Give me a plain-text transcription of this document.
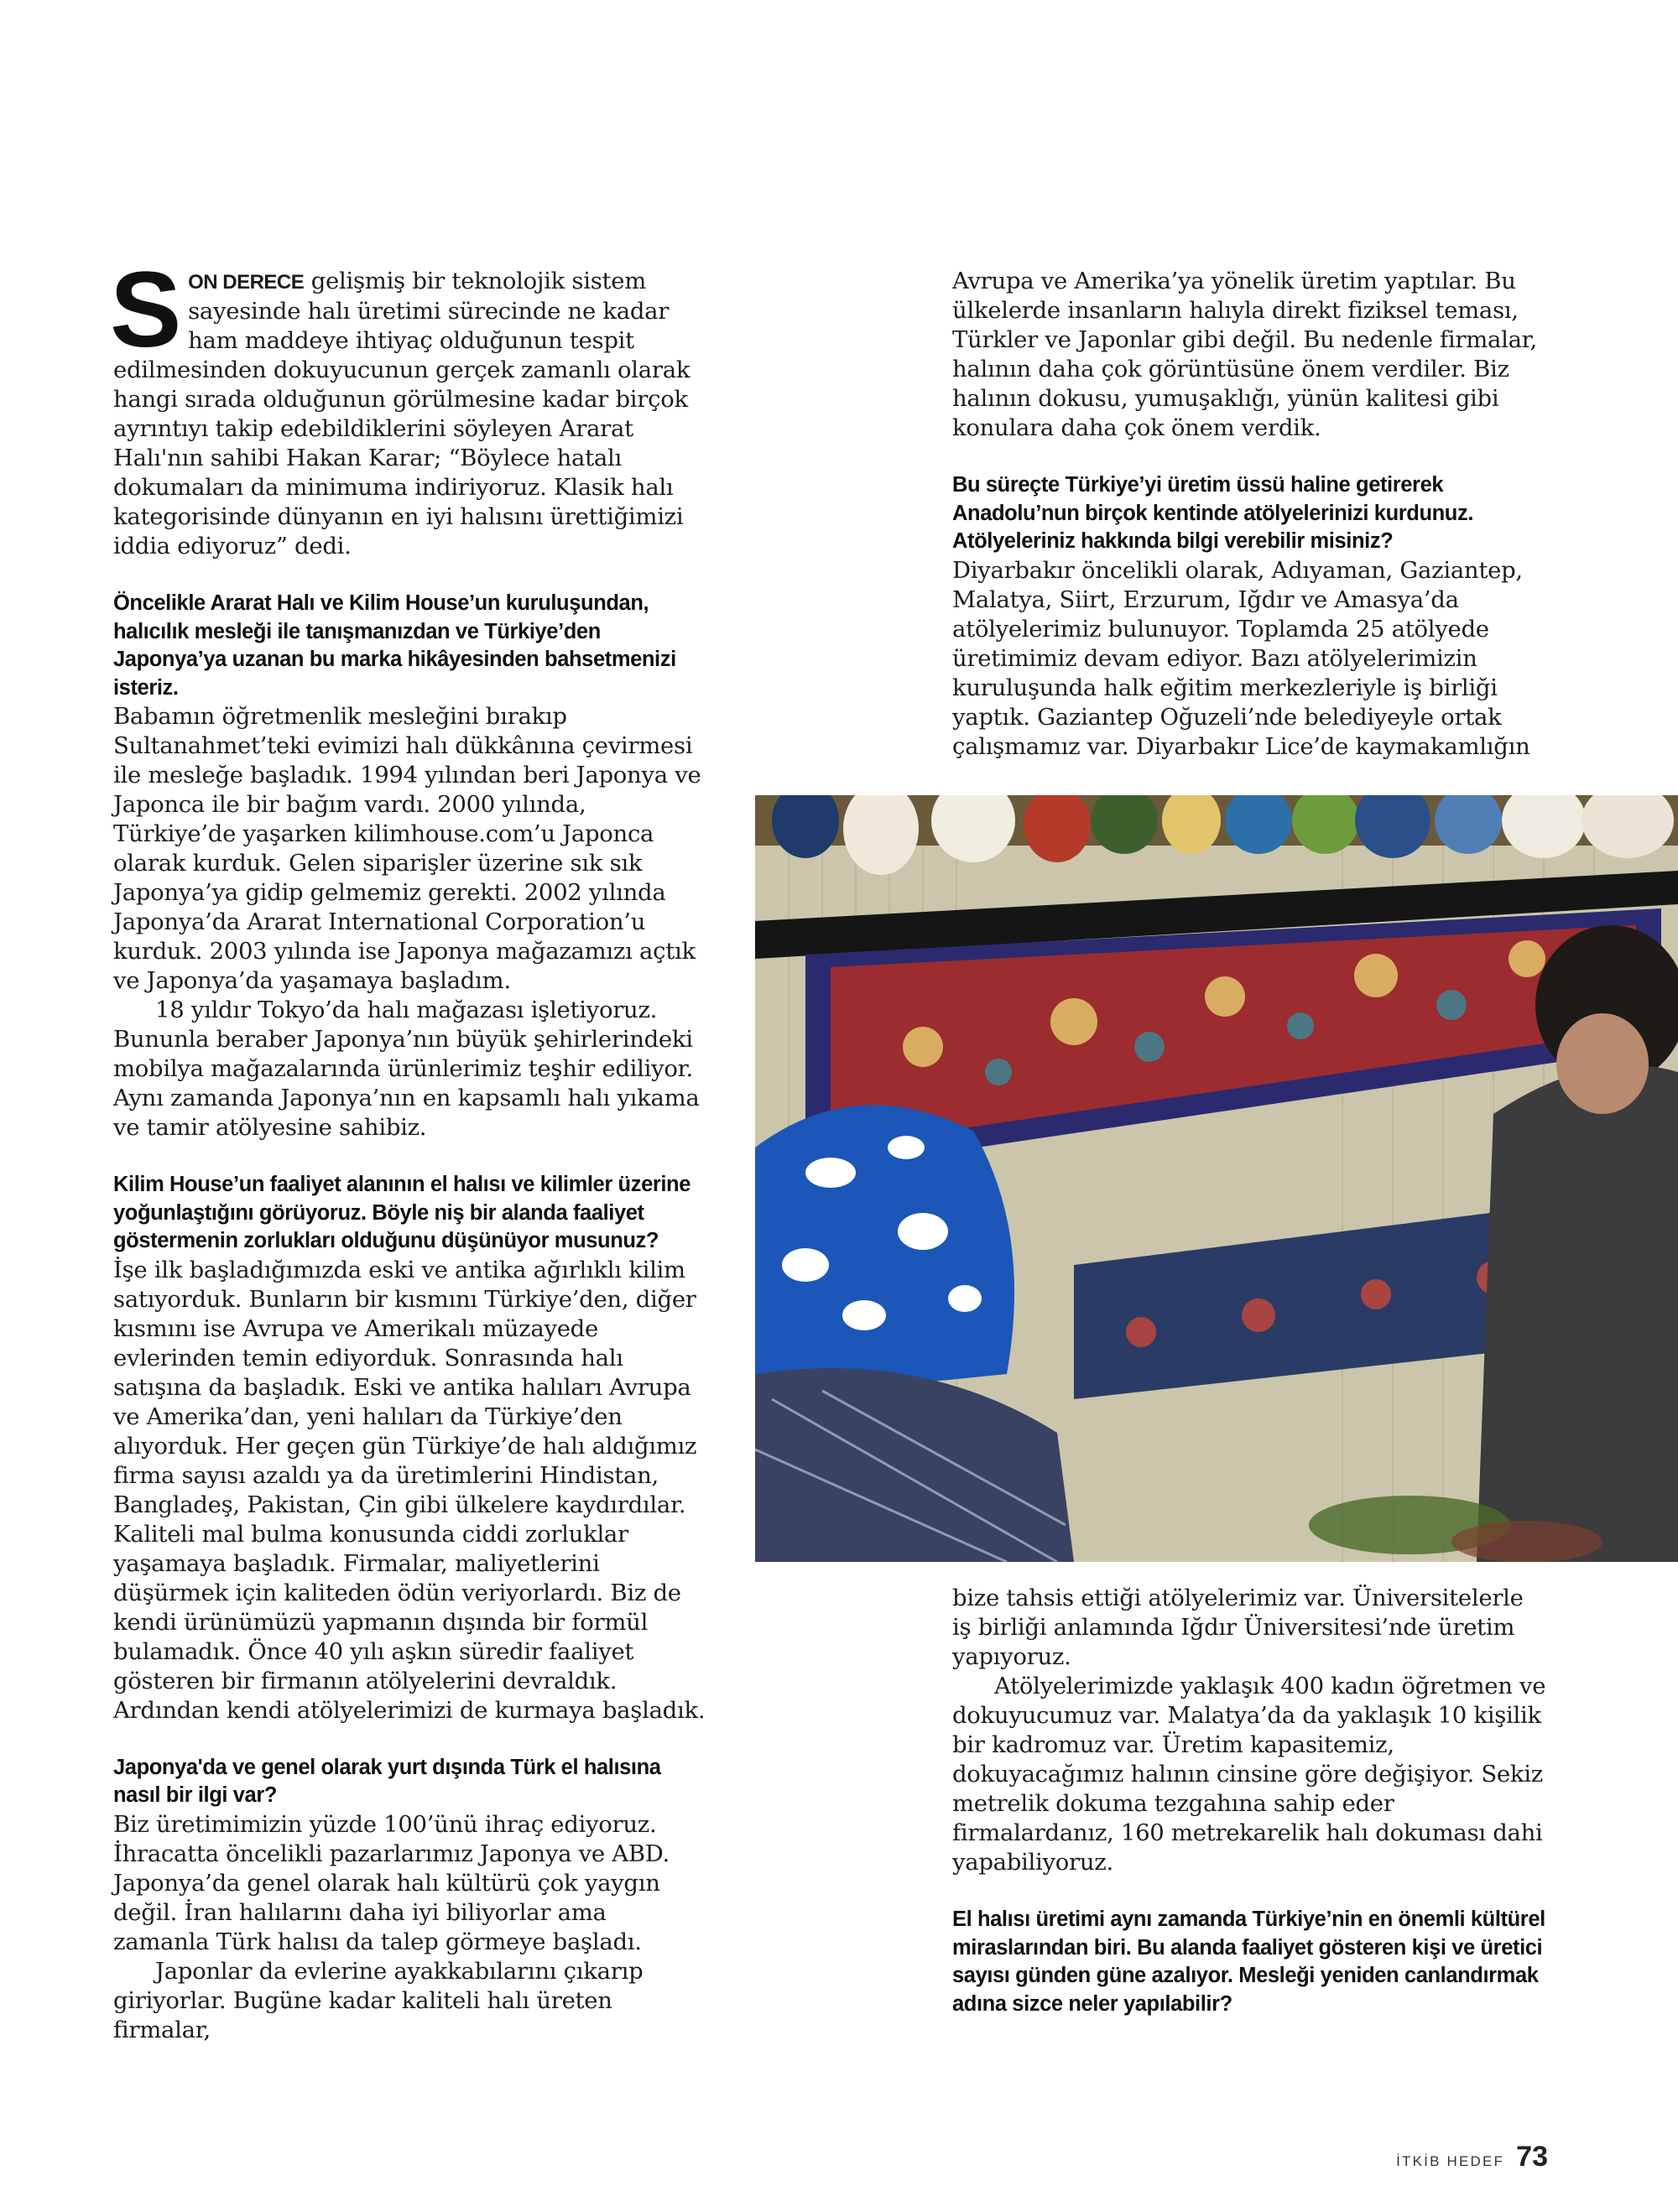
SON DERECE gelişmiş bir teknolojik sistem sayesinde halı üretimi sürecinde ne kadar ham maddeye ihtiyaç olduğunun tespit edilmesinden dokuyucunun gerçek zamanlı olarak hangi sırada olduğunun görülmesine kadar birçok ayrıntıyı takip edebildiklerini söyleyen Ararat Halı'nın sahibi Hakan Karar; “Böylece hatalı dokumaları da minimuma indiriyoruz. Klasik halı kategorisinde dünyanın en iyi halısını ürettiğimizi iddia ediyoruz” dedi.

Öncelikle Ararat Halı ve Kilim House’un kuruluşundan, halıcılık mesleği ile tanışmanızdan ve Türkiye’den Japonya’ya uzanan bu marka hikâyesinden bahsetmenizi isteriz.

Babamın öğretmenlik mesleğini bırakıp Sultanahmet’teki evimizi halı dükkânına çevirmesi ile mesleğe başladık. 1994 yılından beri Japonya ve Japonca ile bir bağım vardı. 2000 yılında, Türkiye’de yaşarken kilimhouse.com’u Japonca olarak kurduk. Gelen siparişler üzerine sık sık Japonya’ya gidip gelmemiz gerekti. 2002 yılında Japonya’da Ararat International Corporation’u kurduk. 2003 yılında ise Japonya mağazamızı açtık ve Japonya’da yaşamaya başladım.

18 yıldır Tokyo’da halı mağazası işletiyoruz. Bununla beraber Japonya’nın büyük şehirlerindeki mobilya mağazalarında ürünlerimiz teşhir ediliyor. Aynı zamanda Japonya’nın en kapsamlı halı yıkama ve tamir atölyesine sahibiz.

Kilim House’un faaliyet alanının el halısı ve kilimler üzerine yoğunlaştığını görüyoruz. Böyle niş bir alanda faaliyet göstermenin zorlukları olduğunu düşünüyor musunuz?

İşe ilk başladığımızda eski ve antika ağırlıklı kilim satıyorduk. Bunların bir kısmını Türkiye’den, diğer kısmını ise Avrupa ve Amerikalı müzayede evlerinden temin ediyorduk. Sonrasında halı satışına da başladık. Eski ve antika halıları Avrupa ve Amerika’dan, yeni halıları da Türkiye’den alıyorduk. Her geçen gün Türkiye’de halı aldığımız firma sayısı azaldı ya da üretimlerini Hindistan, Bangladeş, Pakistan, Çin gibi ülkelere kaydırdılar. Kaliteli mal bulma konusunda ciddi zorluklar yaşamaya başladık. Firmalar, maliyetlerini düşürmek için kaliteden ödün veriyorlardı. Biz de kendi ürünümüzü yapmanın dışında bir formül bulamadık. Önce 40 yılı aşkın süredir faaliyet gösteren bir firmanın atölyelerini devraldık. Ardından kendi atölyelerimizi de kurmaya başladık.

Japonya'da ve genel olarak yurt dışında Türk el halısına nasıl bir ilgi var?

Biz üretimimizin yüzde 100’ünü ihraç ediyoruz. İhracatta öncelikli pazarlarımız Japonya ve ABD. Japonya’da genel olarak halı kültürü çok yaygın değil. İran halılarını daha iyi biliyorlar ama zamanla Türk halısı da talep görmeye başladı.

Japonlar da evlerine ayakkabılarını çıkarıp giriyorlar. Bugüne kadar kaliteli halı üreten firmalar,

Avrupa ve Amerika’ya yönelik üretim yaptılar. Bu ülkelerde insanların halıyla direkt fiziksel teması, Türkler ve Japonlar gibi değil. Bu nedenle firmalar, halının daha çok görüntüsüne önem verdiler. Biz halının dokusu, yumuşaklığı, yünün kalitesi gibi konulara daha çok önem verdik.

Bu süreçte Türkiye’yi üretim üssü haline getirerek Anadolu’nun birçok kentinde atölyelerinizi kurdunuz. Atölyeleriniz hakkında bilgi verebilir misiniz?

Diyarbakır öncelikli olarak, Adıyaman, Gaziantep, Malatya, Siirt, Erzurum, Iğdır ve Amasya’da atölyelerimiz bulunuyor. Toplamda 25 atölyede üretimimiz devam ediyor. Bazı atölyelerimizin kuruluşunda halk eğitim merkezleriyle iş birliği yaptık. Gaziantep Oğuzeli’nde belediyeyle ortak çalışmamız var. Diyarbakır Lice’de kaymakamlığın

bize tahsis ettiği atölyelerimiz var. Üniversitelerle iş birliği anlamında Iğdır Üniversitesi’nde üretim yapıyoruz.

Atölyelerimizde yaklaşık 400 kadın öğretmen ve dokuyucumuz var. Malatya’da da yaklaşık 10 kişilik bir kadromuz var. Üretim kapasitemiz, dokuyacağımız halının cinsine göre değişiyor. Sekiz metrelik dokuma tezgahına sahip eder firmalardanız, 160 metrekarelik halı dokuması dahi yapabiliyoruz.

El halısı üretimi aynı zamanda Türkiye’nin en önemli kültürel miraslarından biri. Bu alanda faaliyet gösteren kişi ve üretici sayısı günden güne azalıyor. Mesleği yeniden canlandırmak adına sizce neler yapılabilir?

İTKİB HEDEF 73
